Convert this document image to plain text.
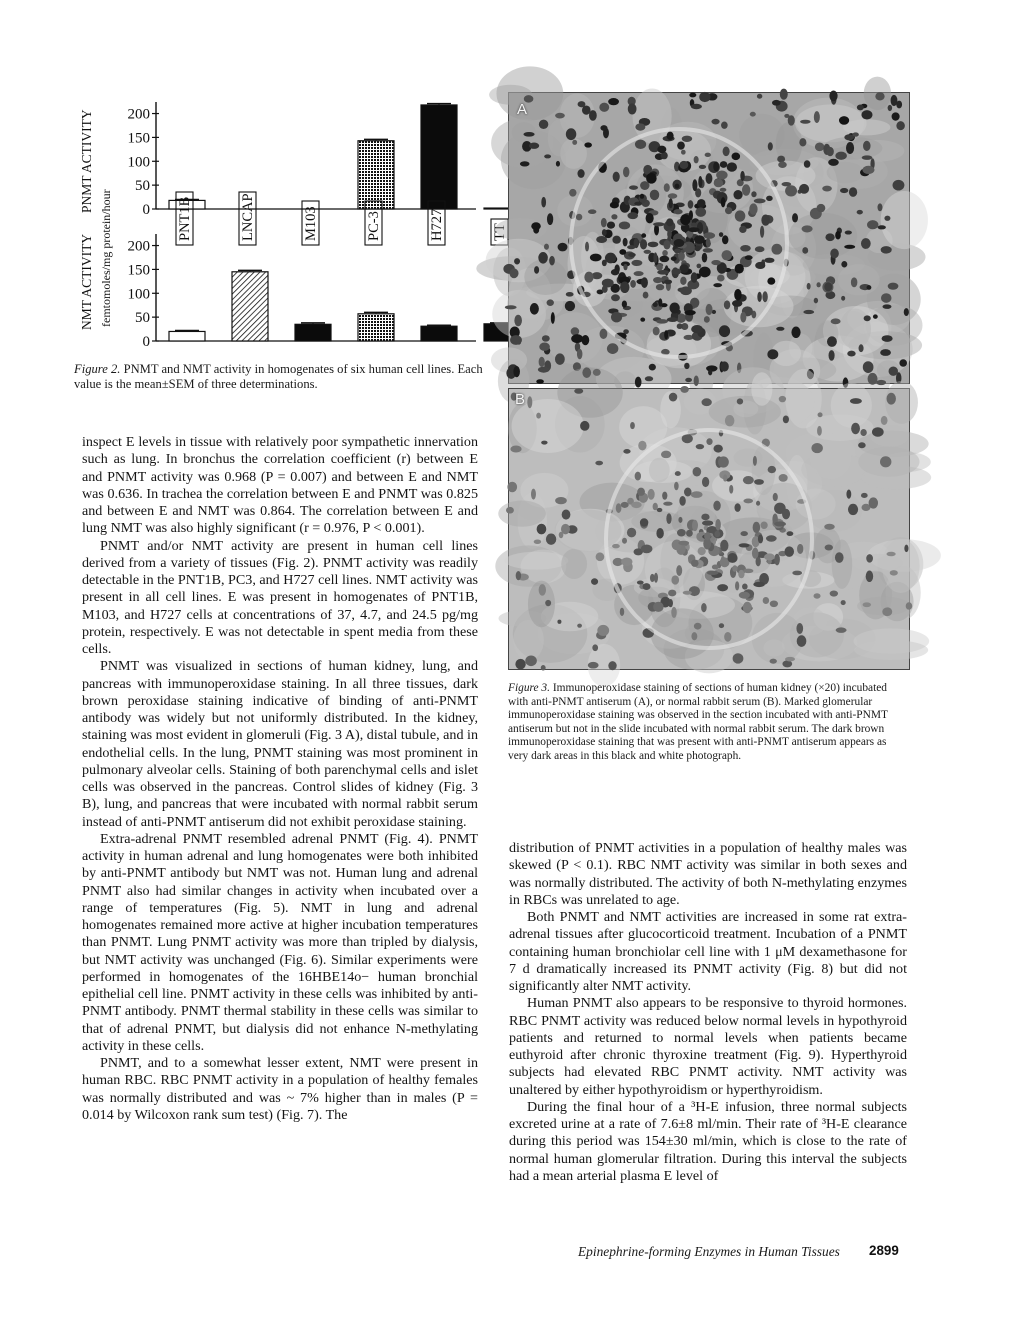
NMT ACTIVITY
PNMT ACTIVITY
femtomoles/mg protein/hour 0
50
100
150
200
0
50
100
150
200
PNT1B	LNCAP	M103	PC-3	H727	TT
Figure 2. PNMT and NMT activity in homogenates of six human cell lines. Each value is the mean±SEM of three determinations.
A
B
Figure 3. Immunoperoxidase staining of sections of human kidney (×20) incubated with anti-PNMT antiserum (A), or normal rabbit serum (B). Marked glomerular immunoperoxidase staining was observed in the section incubated with anti-PNMT antiserum but not in the slide incubated with normal rabbit serum. The dark brown immunoperoxidase staining that was present with anti-PNMT antiserum appears as very dark areas in this black and white photograph.

inspect E levels in tissue with relatively poor sympathetic innervation such as lung. In bronchus the correlation coefficient (r) between E and PNMT activity was 0.968 (P = 0.007) and between E and NMT was 0.636. In trachea the correlation between E and PNMT was 0.825 and between E and NMT was 0.864. The correlation between E and lung NMT was also highly significant (r = 0.976, P < 0.001).

PNMT and/or NMT activity are present in human cell lines derived from a variety of tissues (Fig. 2). PNMT activity was readily detectable in the PNT1B, PC3, and H727 cell lines. NMT activity was present in all cell lines. E was present in homogenates of PNT1B, M103, and H727 cells at concentrations of 37, 4.7, and 24.5 pg/mg protein, respectively. E was not detectable in spent media from these cells.

PNMT was visualized in sections of human kidney, lung, and pancreas with immunoperoxidase staining. In all three tissues, dark brown peroxidase staining indicative of binding of anti-PNMT antibody was widely but not uniformly distributed. In the kidney, staining was most evident in glomeruli (Fig. 3 A), distal tubule, and in endothelial cells. In the lung, PNMT staining was most prominent in pulmonary alveolar cells. Staining of both parenchymal cells and islet cells was observed in the pancreas. Control slides of kidney (Fig. 3 B), lung, and pancreas that were incubated with normal rabbit serum instead of anti-PNMT antiserum did not exhibit peroxidase staining.

Extra-adrenal PNMT resembled adrenal PNMT (Fig. 4). PNMT activity in human adrenal and lung homogenates were both inhibited by anti-PNMT antibody but NMT was not. Human lung and adrenal PNMT also had similar changes in activity when incubated over a range of temperatures (Fig. 5). NMT in lung and adrenal homogenates remained more active at higher incubation temperatures than PNMT. Lung PNMT activity was more than tripled by dialysis, but NMT activity was unchanged (Fig. 6). Similar experiments were performed in homogenates of the 16HBE14o− human bronchial epithelial cell line. PNMT activity in these cells was inhibited by anti-PNMT antibody. PNMT thermal stability in these cells was similar to that of adrenal PNMT, but dialysis did not enhance N-methylating activity in these cells.

PNMT, and to a somewhat lesser extent, NMT were present in human RBC. RBC PNMT activity in a population of healthy females was normally distributed and was ~ 7% higher than in males (P = 0.014 by Wilcoxon rank sum test) (Fig. 7). The

distribution of PNMT activities in a population of healthy males was skewed (P < 0.1). RBC NMT activity was similar in both sexes and was normally distributed. The activity of both N-methylating enzymes in RBCs was unrelated to age.

Both PNMT and NMT activities are increased in some rat extra-adrenal tissues after glucocorticoid treatment. Incubation of a PNMT containing human bronchiolar cell line with 1 μM dexamethasone for 7 d dramatically increased its PNMT activity (Fig. 8) but did not significantly alter NMT activity.

Human PNMT also appears to be responsive to thyroid hormones. RBC PNMT activity was reduced below normal levels in hypothyroid patients and returned to normal levels when patients became euthyroid after chronic thyroxine treatment (Fig. 9). Hyperthyroid subjects had elevated RBC PNMT activity. NMT activity was unaltered by either hypothyroidism or hyperthyroidism.

During the final hour of a ³H-E infusion, three normal subjects excreted urine at a rate of 7.6±8 ml/min. Their rate of ³H-E clearance during this period was 154±30 ml/min, which is close to the rate of normal human glomerular filtration. During this interval the subjects had a mean arterial plasma E level of

Epinephrine-forming Enzymes in Human Tissues 2899
